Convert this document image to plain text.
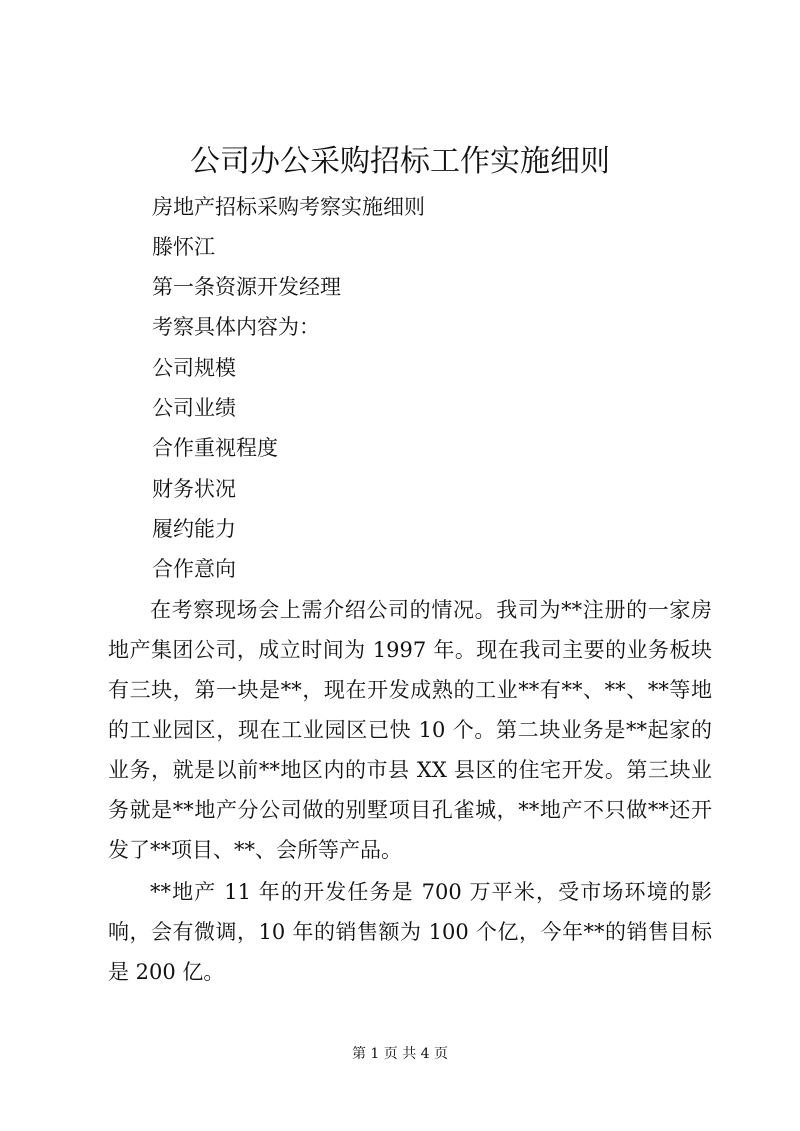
公司办公采购招标工作实施细则
房地产招标采购考察实施细则
滕怀江
第一条资源开发经理
考察具体内容为：
公司规模
公司业绩
合作重视程度
财务状况
履约能力
合作意向

在考察现场会上需介绍公司的情况。我司为**注册的一家房地产集团公司，成立时间为 1997 年。现在我司主要的业务板块有三块，第一块是**，现在开发成熟的工业**有**、**、**等地的工业园区，现在工业园区已快 10 个。第二块业务是**起家的业务，就是以前**地区内的市县 XX 县区的住宅开发。第三块业务就是**地产分公司做的别墅项目孔雀城，**地产不只做**还开发了**项目、**、会所等产品。

**地产 11 年的开发任务是 700 万平米，受市场环境的影响，会有微调，10 年的销售额为 100 个亿，今年**的销售目标是 200 亿。

第 1 页 共 4 页
